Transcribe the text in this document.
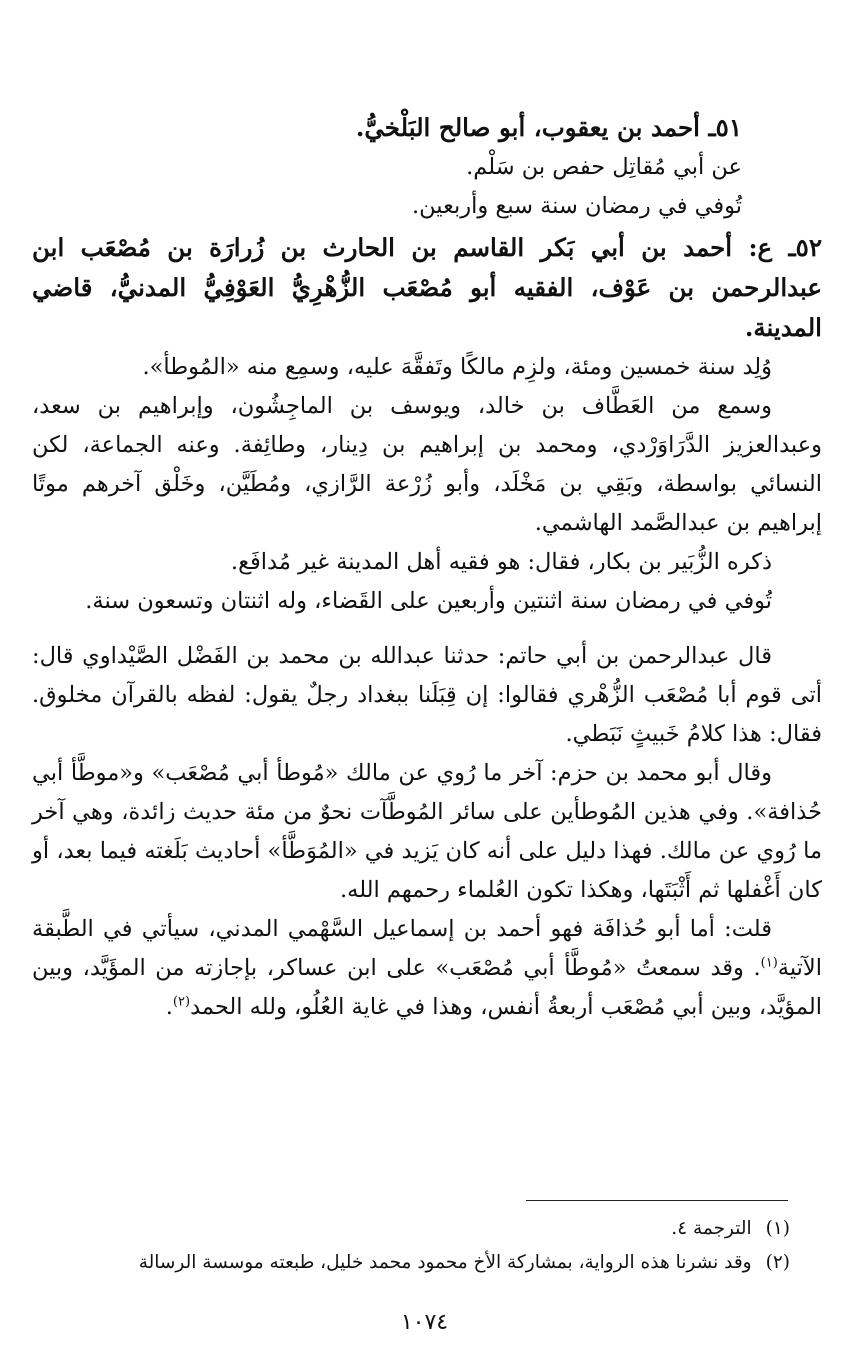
٥١ـ أحمد بن يعقوب، أبو صالح البَلْخيُّ.

عن أبي مُقاتِل حفص بن سَلْم.

تُوفي في رمضان سنة سبع وأربعين.

٥٢ـ ع: أحمد بن أبي بَكر القاسم بن الحارث بن زُرارَة بن مُصْعَب ابن عبدالرحمن بن عَوْف، الفقيه أبو مُصْعَب الزُّهْرِيُّ العَوْفِيُّ المدنيُّ، قاضي المدينة.

وُلِد سنة خمسين ومئة، ولزِم مالكًا وتَفقَّهَ عليه، وسمِع منه «المُوطأ».

وسمع من العَطَّاف بن خالد، ويوسف بن الماجِشُون، وإبراهيم بن سعد، وعبدالعزيز الدَّرَاوَرْدي، ومحمد بن إبراهيم بن دِينار، وطائِفة. وعنه الجماعة، لكن النسائي بواسطة، وبَقِي بن مَخْلَد، وأبو زُرْعة الرَّازي، ومُطَيَّن، وخَلْق آخرهم موتًا إبراهيم بن عبدالصَّمد الهاشمي.

ذكره الزُّبَير بن بكار، فقال: هو فقيه أهل المدينة غير مُدافَع.

تُوفي في رمضان سنة اثنتين وأربعين على القَضاء، وله اثنتان وتسعون سنة.

قال عبدالرحمن بن أبي حاتم: حدثنا عبدالله بن محمد بن الفَضْل الصَّيْداوي قال: أتى قوم أبا مُصْعَب الزُّهْري فقالوا: إن قِبَلَنا ببغداد رجلٌ يقول: لفظه بالقرآن مخلوق. فقال: هذا كلامُ خَبيثٍ نَبَطي.

وقال أبو محمد بن حزم: آخر ما رُوي عن مالك «مُوطأ أبي مُصْعَب» و«موطَّأ أبي حُذافة». وفي هذين المُوطأين على سائر المُوطَّآت نحوٌ من مئة حديث زائدة، وهي آخر ما رُوي عن مالك. فهذا دليل على أنه كان يَزيد في «المُوَطَّأ» أحاديث بَلَغته فيما بعد، أو كان أَغْفلها ثم أَثْبَتَها، وهكذا تكون العُلماء رحمهم الله.

قلت: أما أبو حُذافَة فهو أحمد بن إسماعيل السَّهْمي المدني، سيأتي في الطَّبقة الآتية$^{(١)}$. وقد سمعتُ «مُوطَّأ أبي مُصْعَب» على ابن عساكر، بإجازته من المؤَيَّد، وبين المؤيَّد، وبين أبي مُصْعَب أربعةُ أنفس، وهذا في غاية العُلُو، ولله الحمد$^{(٢)}$.

(١)الترجمة ٤.

(٢)وقد نشرنا هذه الرواية، بمشاركة الأخ محمود محمد خليل، طبعته موسسة الرسالة

١٠٧٤
